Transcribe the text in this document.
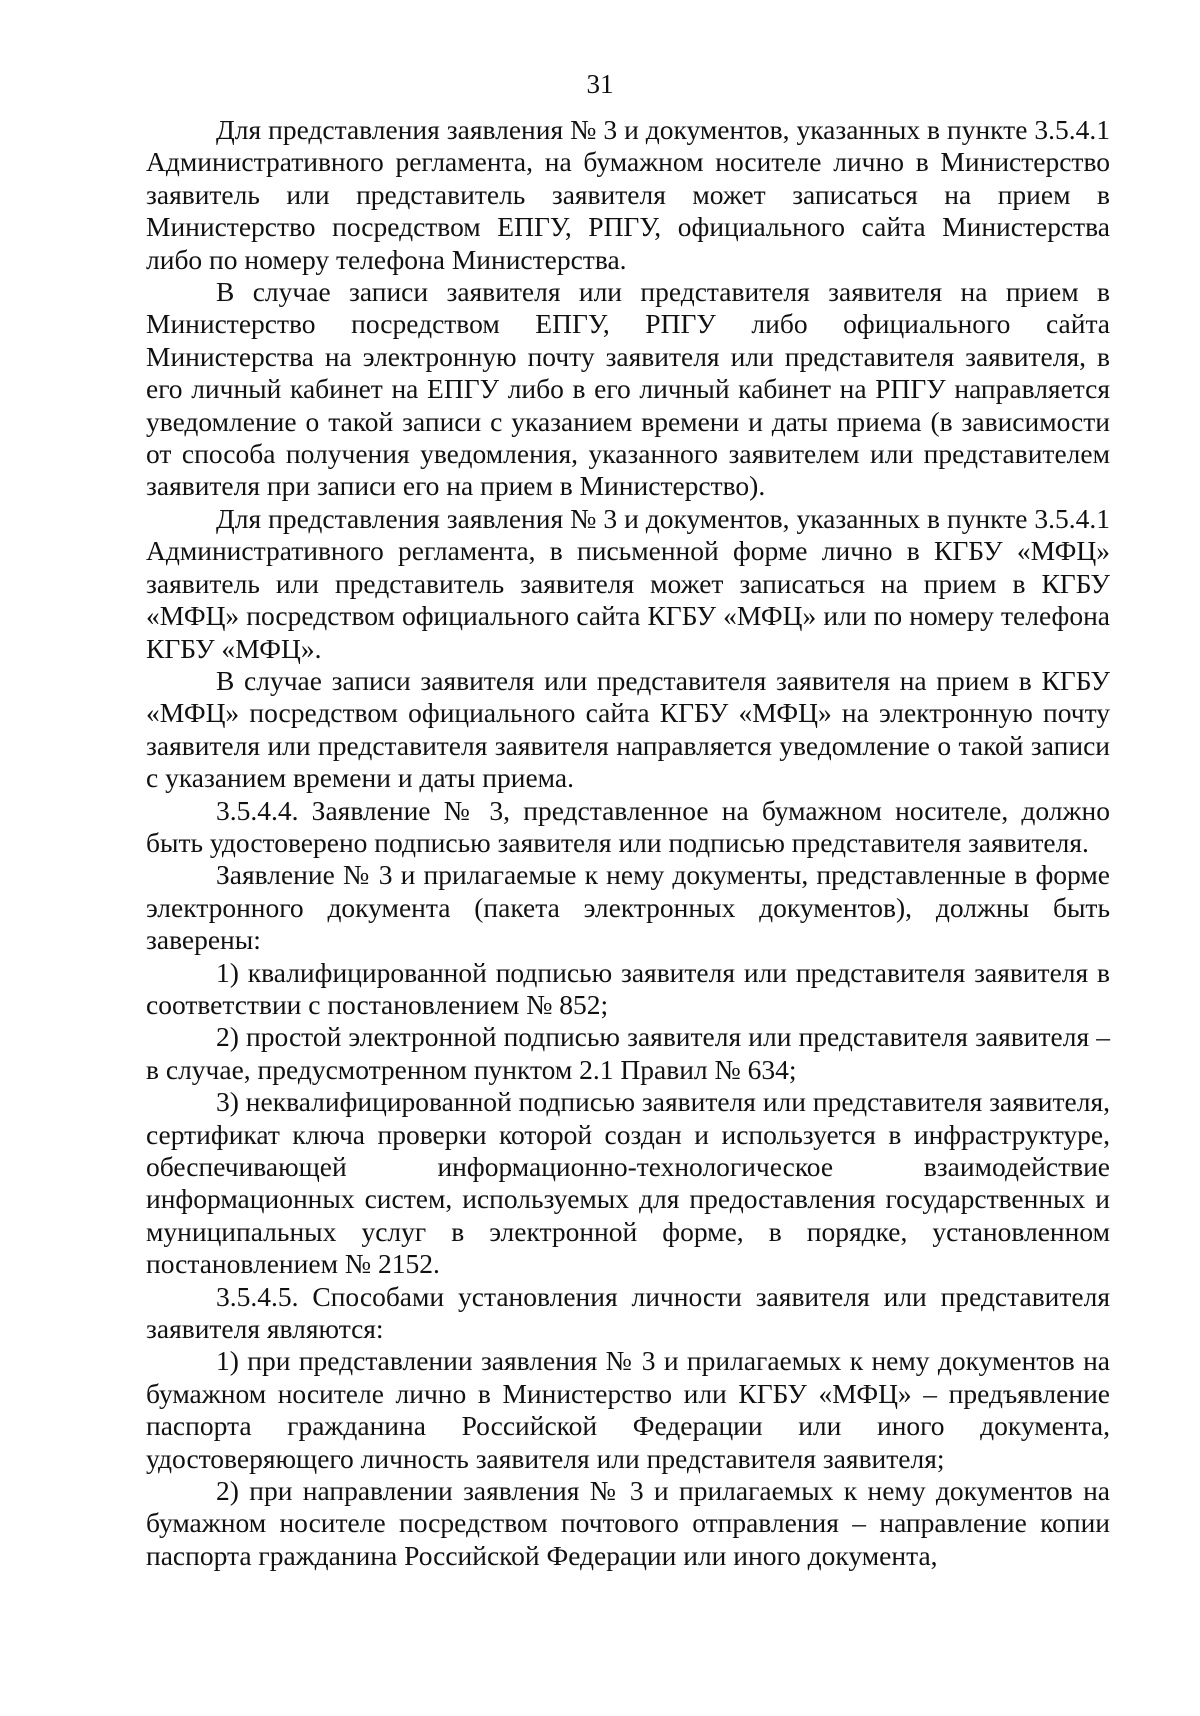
31

Для представления заявления № 3 и документов, указанных в пункте 3.5.4.1 Административного регламента, на бумажном носителе лично в Министерство заявитель или представитель заявителя может записаться на прием в Министерство посредством ЕПГУ, РПГУ, официального сайта Министерства либо по номеру телефона Министерства.

В случае записи заявителя или представителя заявителя на прием в Министерство посредством ЕПГУ, РПГУ либо официального сайта Министерства на электронную почту заявителя или представителя заявителя, в его личный кабинет на ЕПГУ либо в его личный кабинет на РПГУ направляется уведомление о такой записи с указанием времени и даты приема (в зависимости от способа получения уведомления, указанного заявителем или представителем заявителя при записи его на прием в Министерство).

Для представления заявления № 3 и документов, указанных в пункте 3.5.4.1 Административного регламента, в письменной форме лично в КГБУ «МФЦ» заявитель или представитель заявителя может записаться на прием в КГБУ «МФЦ» посредством официального сайта КГБУ «МФЦ» или по номеру телефона КГБУ «МФЦ».

В случае записи заявителя или представителя заявителя на прием в КГБУ «МФЦ» посредством официального сайта КГБУ «МФЦ» на электронную почту заявителя или представителя заявителя направляется уведомление о такой записи с указанием времени и даты приема.

3.5.4.4. Заявление № 3, представленное на бумажном носителе, должно быть удостоверено подписью заявителя или подписью представителя заявителя.

Заявление № 3 и прилагаемые к нему документы, представленные в форме электронного документа (пакета электронных документов), должны быть заверены:

1) квалифицированной подписью заявителя или представителя заявителя в соответствии с постановлением № 852;

2) простой электронной подписью заявителя или представителя заявителя – в случае, предусмотренном пунктом 2.1 Правил № 634;

3) неквалифицированной подписью заявителя или представителя заявителя, сертификат ключа проверки которой создан и используется в инфраструктуре, обеспечивающей информационно-технологическое взаимодействие информационных систем, используемых для предоставления государственных и муниципальных услуг в электронной форме, в порядке, установленном постановлением № 2152.

3.5.4.5. Способами установления личности заявителя или представителя заявителя являются:

1) при представлении заявления № 3 и прилагаемых к нему документов на бумажном носителе лично в Министерство или КГБУ «МФЦ» – предъявление паспорта гражданина Российской Федерации или иного документа, удостоверяющего личность заявителя или представителя заявителя;

2) при направлении заявления № 3 и прилагаемых к нему документов на бумажном носителе посредством почтового отправления – направление копии паспорта гражданина Российской Федерации или иного документа,
